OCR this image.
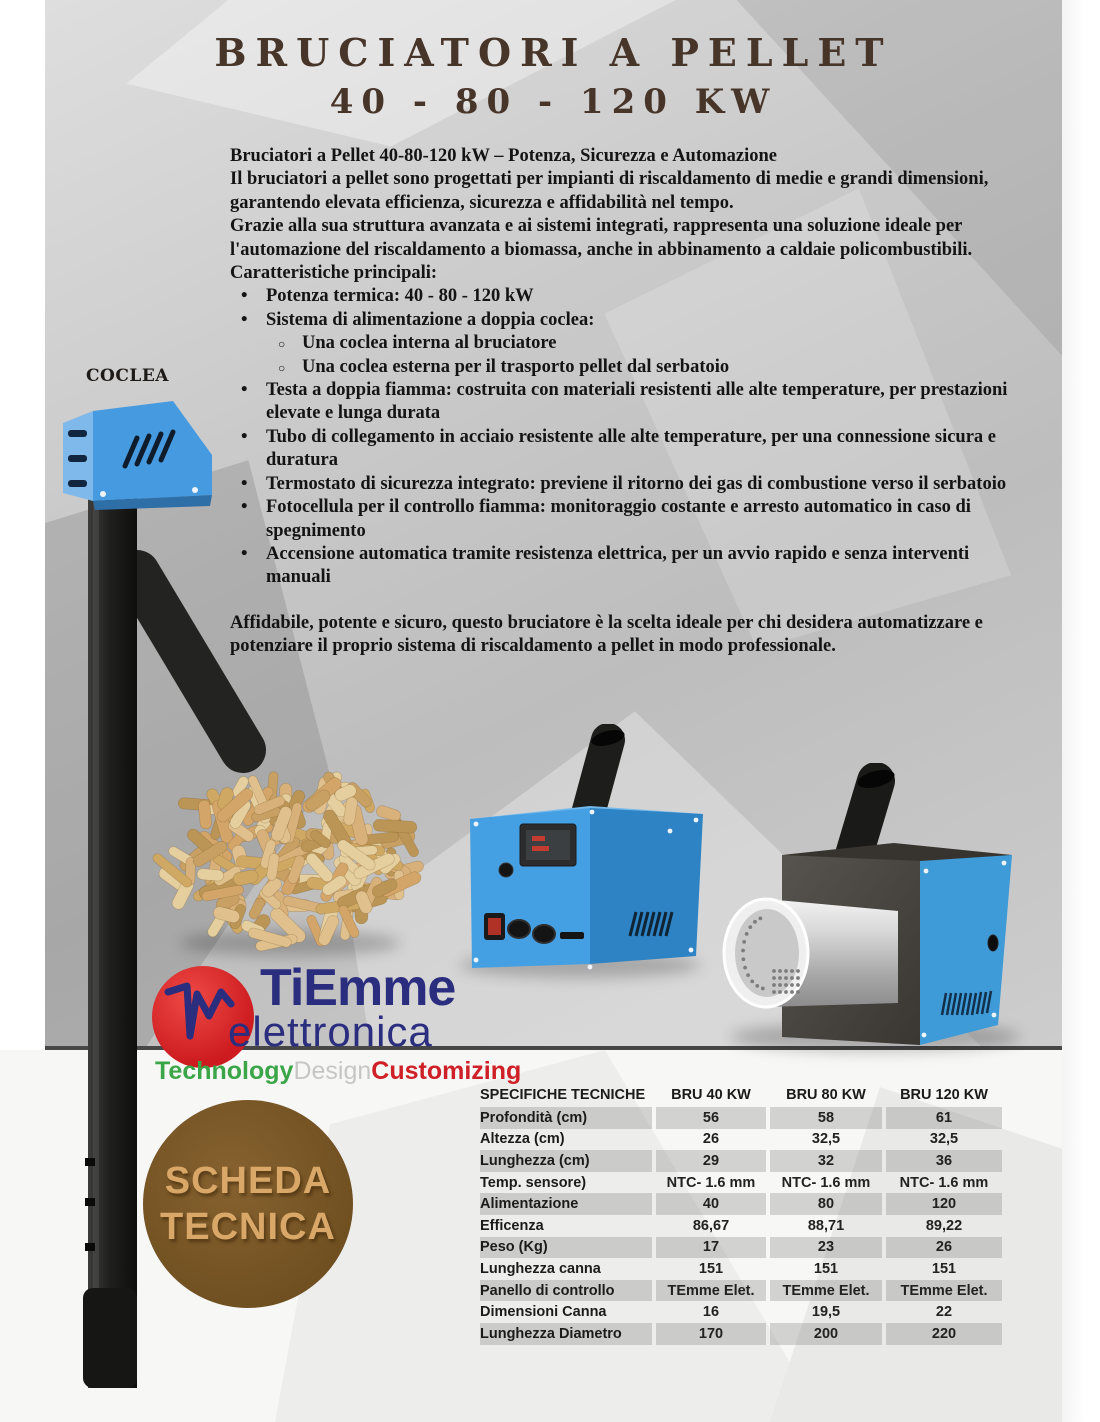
BRUCIATORI A PELLET
40 - 80 - 120 KW

Bruciatori a Pellet 40-80-120 kW – Potenza, Sicurezza e Automazione

Il bruciatori a pellet sono progettati per impianti di riscaldamento di medie e grandi dimensioni, garantendo elevata efficienza, sicurezza e affidabilità nel tempo.

Grazie alla sua struttura avanzata e ai sistemi integrati, rappresenta una soluzione ideale per l'automazione del riscaldamento a biomassa, anche in abbinamento a caldaie policombustibili.

Caratteristiche principali:

• Potenza termica: 40 - 80 - 120 kW
• Sistema di alimentazione a doppia coclea:
○ Una coclea interna al bruciatore
○ Una coclea esterna per il trasporto pellet dal serbatoio
• Testa a doppia fiamma: costruita con materiali resistenti alle alte temperature, per prestazioni elevate e lunga durata
• Tubo di collegamento in acciaio resistente alle alte temperature, per una connessione sicura e duratura
• Termostato di sicurezza integrato: previene il ritorno dei gas di combustione verso il serbatoio
• Fotocellula per il controllo fiamma: monitoraggio costante e arresto automatico in caso di spegnimento
• Accensione automatica tramite resistenza elettrica, per un avvio rapido e senza interventi manuali

Affidabile, potente e sicuro, questo bruciatore è la scelta ideale per chi desidera automatizzare e potenziare il proprio sistema di riscaldamento a pellet in modo professionale.

COCLEA
TiEmme
elettronica
TechnologyDesignCustomizing
SCHEDA
TECNICA
SPECIFICHE TECNICHE	BRU 40 KW	BRU 80 KW	BRU 120 KW
Profondità (cm)	56	58	61
Altezza (cm)	26	32,5	32,5
Lunghezza (cm)	29	32	36
Temp. sensore)	NTC- 1.6 mm	NTC- 1.6 mm	NTC- 1.6 mm
Alimentazione	40	80	120
Efficenza	86,67	88,71	89,22
Peso (Kg)	17	23	26
Lunghezza canna	151	151	151
Panello di controllo	TEmme Elet.	TEmme Elet.	TEmme Elet.
Dimensioni Canna	16	19,5	22
Lunghezza Diametro	170	200	220
